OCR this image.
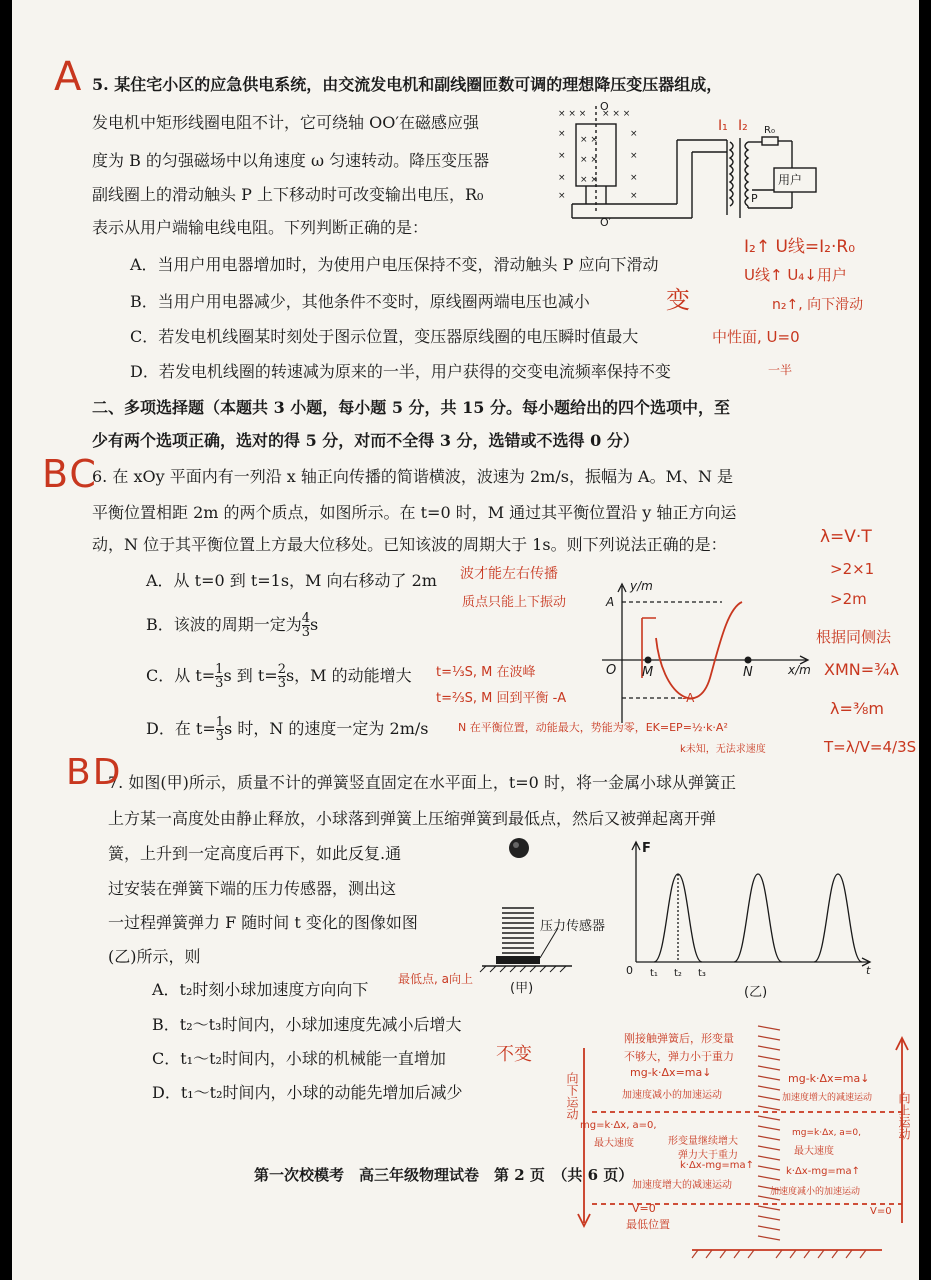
5. 某住宅小区的应急供电系统，由交流发电机和副线圈匝数可调的理想降压变压器组成，
发电机中矩形线圈电阻不计，它可绕轴 OO′在磁感应强
度为 B 的匀强磁场中以角速度 ω 匀速转动。降压变压器
副线圈上的滑动触头 P 上下移动时可改变输出电压，R₀
表示从用户端输电线电阻。下列判断正确的是：
A．当用户用电器增加时，为使用户电压保持不变，滑动触头 P 应向下滑动
B．当用户用电器减少，其他条件不变时，原线圈两端电压也减小
C．若发电机线圈某时刻处于图示位置，变压器原线圈的电压瞬时值最大
D．若发电机线圈的转速减为原来的一半，用户获得的交变电流频率保持不变
× × × × × ×
×	×
× ×
×	×
× ×
×	×
× ×
×	×
O
O′
R₀
P
用户
I₁ I₂
二、多项选择题（本题共 3 小题，每小题 5 分，共 15 分。每小题给出的四个选项中，至
少有两个选项正确，选对的得 5 分，对而不全得 3 分，选错或不选得 0 分）
6. 在 xOy 平面内有一列沿 x 轴正向传播的简谐横波，波速为 2m/s，振幅为 A。M、N 是
平衡位置相距 2m 的两个质点，如图所示。在 t=0 时，M 通过其平衡位置沿 y 轴正方向运
动，N 位于其平衡位置上方最大位移处。已知该波的周期大于 1s。则下列说法正确的是：
A．从 t=0 到 t=1s，M 向右移动了 2m
B．该波的周期一定为 $\frac{4}{3}$ s
C．从 $t= \frac{1}{3}$ s 到 $t= \frac{2}{3}$ s，M 的动能增大
D．在 $t= \frac{1}{3}$ s 时，N 的速度一定为 2m/s
y/m
x/m
O M	N
A
-A
7. 如图(甲)所示，质量不计的弹簧竖直固定在水平面上，t=0 时，将一金属小球从弹簧正
上方某一高度处由静止释放，小球落到弹簧上压缩弹簧到最低点，然后又被弹起离开弹
簧，上升到一定高度后再下，如此反复.通
过安装在弹簧下端的压力传感器，测出这
一过程弹簧弹力 F 随时间 t 变化的图像如图
(乙)所示，则
A．t₂时刻小球加速度方向向下
B．t₂～t₃时间内，小球加速度先减小后增大
C．t₁～t₂时间内，小球的机械能一直增加
D．t₁～t₂时间内，小球的动能先增加后减少
压力传感器
(甲)
F
0	t
t₁ t₂ t₃
(乙)
A
BC
BD
I₂↑ U线=I₂·R₀
U线↑ U₄↓用户
n₂↑, 向下滑动
变
中性面, U=0
一半
波才能左右传播
质点只能上下振动
t=⅓S, M 在波峰
t=⅔S, M 回到平衡 -A
N 在平衡位置，动能最大，势能为零，EK=EP=½·k·A²
k未知，无法求速度
λ=V·T
>2×1
>2m
根据同侧法
XMN=¾λ
λ=⅜m
T=λ/V=4/3S
最低点, a向上
不变
向下运动	向上运动
刚接触弹簧后，形变量
不够大，弹力小于重力
mg-k·Δx=ma↓
加速度减小的加速运动
mg=k·Δx, a=0,
最大速度	形变量继续增大
弹力大于重力
k·Δx-mg=ma↑
加速度增大的减速运动
V=0
最低位置
mg-k·Δx=ma↓
加速度增大的减速运动
mg=k·Δx, a=0,
最大速度
k·Δx-mg=ma↑
加速度减小的加速运动
V=0
第一次校模考　高三年级物理试卷　第 2 页　（共 6 页）
